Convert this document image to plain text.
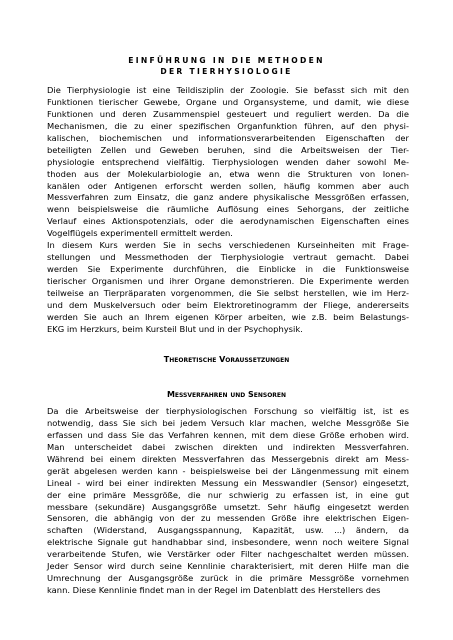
EINFÜHRUNG IN DIE METHODEN
DER TIERHYSIOLOGIE
Die Tierphysiologie ist eine Teildisziplin der Zoologie. Sie befasst sich mit den
Funktionen tierischer Gewebe, Organe und Organsysteme, und damit, wie diese
Funktionen und deren Zusammenspiel gesteuert und reguliert werden. Da die
Mechanismen, die zu einer spezifischen Organfunktion führen, auf den physi-
kalischen, biochemischen und informationsverarbeitenden Eigenschaften der
beteiligten Zellen und Geweben beruhen, sind die Arbeitsweisen der Tier-
physiologie entsprechend vielfältig. Tierphysiologen wenden daher sowohl Me-
thoden aus der Molekularbiologie an, etwa wenn die Strukturen von Ionen-
kanälen oder Antigenen erforscht werden sollen, häufig kommen aber auch
Messverfahren zum Einsatz, die ganz andere physikalische Messgrößen erfassen,
wenn beispielsweise die räumliche Auflösung eines Sehorgans, der zeitliche
Verlauf eines Aktionspotenzials, oder die aerodynamischen Eigenschaften eines
Vogelflügels experimentell ermittelt werden.
In diesem Kurs werden Sie in sechs verschiedenen Kurseinheiten mit Frage-
stellungen und Messmethoden der Tierphysiologie vertraut gemacht. Dabei
werden Sie Experimente durchführen, die Einblicke in die Funktionsweise
tierischer Organismen und ihrer Organe demonstrieren. Die Experimente werden
teilweise an Tierpräparaten vorgenommen, die Sie selbst herstellen, wie im Herz-
und dem Muskelversuch oder beim Elektroretinogramm der Fliege, andererseits
werden Sie auch an Ihrem eigenen Körper arbeiten, wie z.B. beim Belastungs-
EKG im Herzkurs, beim Kursteil Blut und in der Psychophysik.
Theoretische Voraussetzungen
Messverfahren und Sensoren
Da die Arbeitsweise der tierphysiologischen Forschung so vielfältig ist, ist es
notwendig, dass Sie sich bei jedem Versuch klar machen, welche Messgröße Sie
erfassen und dass Sie das Verfahren kennen, mit dem diese Größe erhoben wird.
Man unterscheidet dabei zwischen direkten und indirekten Messverfahren.
Während bei einem direkten Messverfahren das Messergebnis direkt am Mess-
gerät abgelesen werden kann - beispielsweise bei der Längenmessung mit einem
Lineal - wird bei einer indirekten Messung ein Messwandler (Sensor) eingesetzt,
der eine primäre Messgröße, die nur schwierig zu erfassen ist, in eine gut
messbare (sekundäre) Ausgangsgröße umsetzt. Sehr häufig eingesetzt werden
Sensoren, die abhängig von der zu messenden Größe ihre elektrischen Eigen-
schaften (Widerstand, Ausgangsspannung, Kapazität, usw. ...) ändern, da
elektrische Signale gut handhabbar sind, insbesondere, wenn noch weitere Signal
verarbeitende Stufen, wie Verstärker oder Filter nachgeschaltet werden müssen.
Jeder Sensor wird durch seine Kennlinie charakterisiert, mit deren Hilfe man die
Umrechnung der Ausgangsgröße zurück in die primäre Messgröße vornehmen
kann. Diese Kennlinie findet man in der Regel im Datenblatt des Herstellers des
